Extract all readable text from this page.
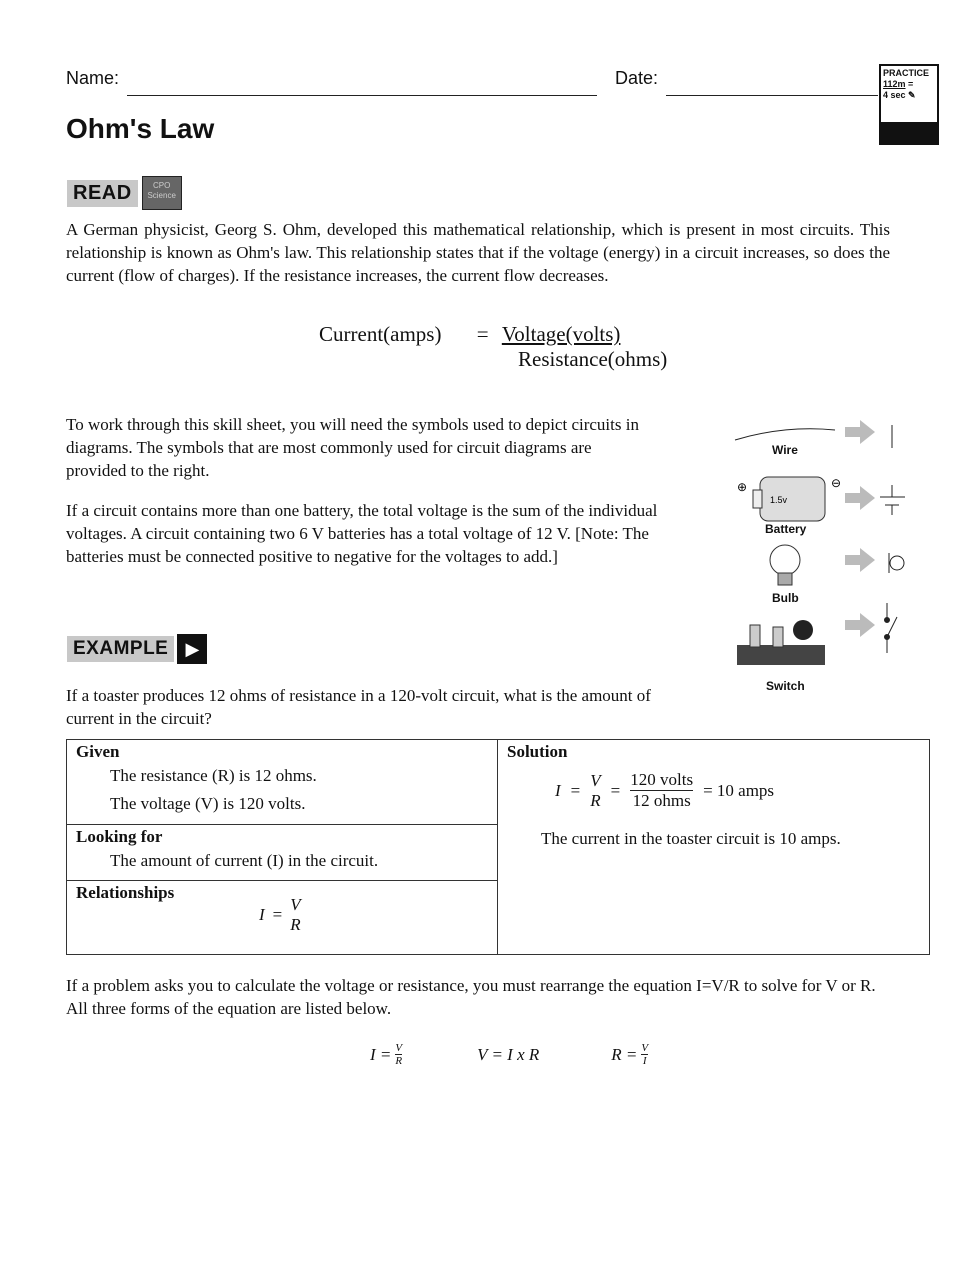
Name:	Date:	PRACTICE
112m =
4 sec ✎
Ohm's Law
READ	CPO Science
A German physicist, Georg S. Ohm, developed this mathematical relationship, which is present in most circuits. This relationship is known as Ohm's law. This relationship states that if the voltage (energy) in a circuit increases, so does the current (flow of charges). If the resistance increases, the current flow decreases.
Current(amps) = Voltage(volts)
Resistance(ohms)
To work through this skill sheet, you will need the symbols used to depict circuits in diagrams. The symbols that are most commonly used for circuit diagrams are provided to the right.
If a circuit contains more than one battery, the total voltage is the sum of the individual voltages. A circuit containing two 6 V batteries has a total voltage of 12 V. [Note: The batteries must be connected positive to negative for the voltages to add.]
1.5v
⊕	⊖
Wire
Battery
Bulb
Switch
EXAMPLE ▶
If a toaster produces 12 ohms of resistance in a 120-volt circuit, what is the amount of current in the circuit?
Given
The resistance (R) is 12 ohms.
The voltage (V) is 120 volts.
	Solution
I =
V
R
= $\frac{\text{120 volts}}{\text{12 ohms}} = 10$ amps
The current in the toaster circuit is 10 amps.

Looking for
The amount of current (I) in the circuit.

Relationships
I =
V
R
If a problem asks you to calculate the voltage or resistance, you must rearrange the equation I=V/R to solve for V or R. All three forms of the equation are listed below.
$I = \frac{V}{R}$	V = I x R	$R = \frac{V}{I}$
